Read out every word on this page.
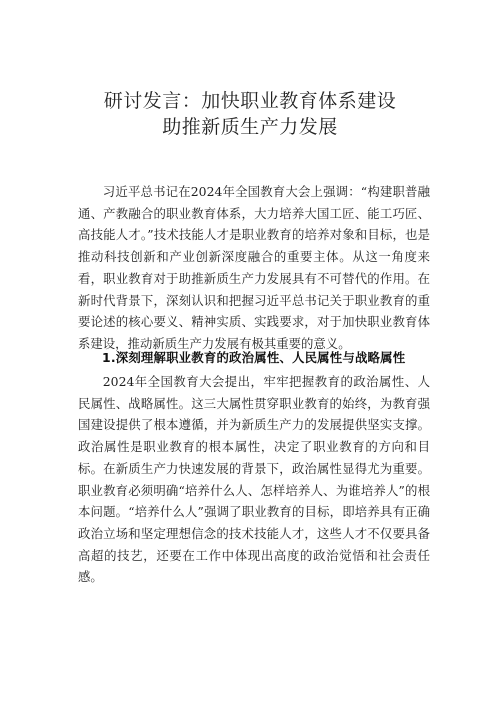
研讨发言：加快职业教育体系建设
助推新质生产力发展

习近平总书记在2024年全国教育大会上强调：“构建职普融通、产教融合的职业教育体系，大力培养大国工匠、能工巧匠、高技能人才。”技术技能人才是职业教育的培养对象和目标，也是推动科技创新和产业创新深度融合的重要主体。从这一角度来看，职业教育对于助推新质生产力发展具有不可替代的作用。在新时代背景下，深刻认识和把握习近平总书记关于职业教育的重要论述的核心要义、精神实质、实践要求，对于加快职业教育体系建设，推动新质生产力发展有极其重要的意义。

1.深刻理解职业教育的政治属性、人民属性与战略属性

2024年全国教育大会提出，牢牢把握教育的政治属性、人民属性、战略属性。这三大属性贯穿职业教育的始终，为教育强国建设提供了根本遵循，并为新质生产力的发展提供坚实支撑。政治属性是职业教育的根本属性，决定了职业教育的方向和目标。在新质生产力快速发展的背景下，政治属性显得尤为重要。职业教育必须明确“培养什么人、怎样培养人、为谁培养人”的根本问题。“培养什么人”强调了职业教育的目标，即培养具有正确政治立场和坚定理想信念的技术技能人才，这些人才不仅要具备高超的技艺，还要在工作中体现出高度的政治觉悟和社会责任感。
